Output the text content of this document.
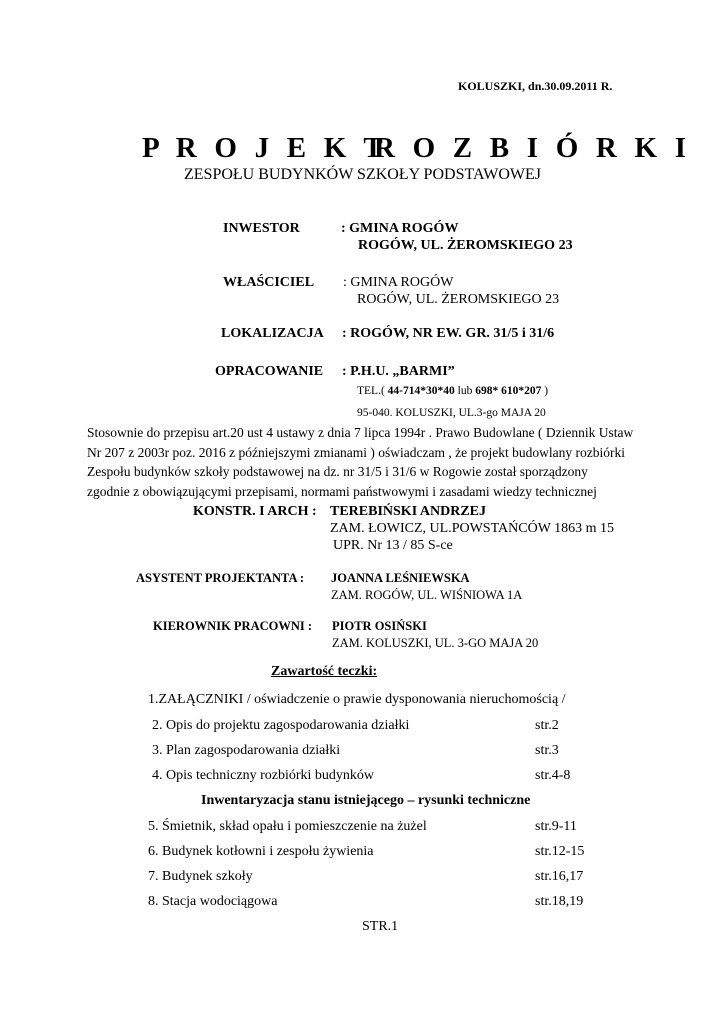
KOLUSZKI, dn.30.09.2011 R.
P R O J E K T
R O Z B I Ó R K I
ZESPOŁU BUDYNKÓW SZKOŁY PODSTAWOWEJ
INWESTOR	: GMINA ROGÓW
ROGÓW, UL. ŻEROMSKIEGO 23
WŁAŚCICIEL : GMINA ROGÓW
ROGÓW, UL. ŻEROMSKIEGO 23
LOKALIZACJA : ROGÓW, NR EW. GR. 31/5 i 31/6
OPRACOWANIE : P.H.U. „BARMI”
TEL.( 44-714*30*40 lub 698* 610*207 )
95-040. KOLUSZKI, UL.3-go MAJA 20
Stosownie do przepisu art.20 ust 4 ustawy z dnia 7 lipca 1994r . Prawo Budowlane ( Dziennik Ustaw
Nr 207 z 2003r poz. 2016 z późniejszymi zmianami ) oświadczam , że projekt budowlany rozbiórki
Zespołu budynków szkoły podstawowej na dz. nr 31/5 i 31/6 w Rogowie został sporządzony
zgodnie z obowiązującymi przepisami, normami państwowymi i zasadami wiedzy technicznej
KONSTR. I ARCH : TEREBIŃSKI ANDRZEJ
ZAM. ŁOWICZ, UL.POWSTAŃCÓW 1863 m 15
UPR. Nr 13 / 85 S-ce
ASYSTENT PROJEKTANTA : JOANNA LEŚNIEWSKA
ZAM. ROGÓW, UL. WIŚNIOWA 1A
KIEROWNIK PRACOWNI : PIOTR OSIŃSKI
ZAM. KOLUSZKI, UL. 3-GO MAJA 20
Zawartość teczki:
1.ZAŁĄCZNIKI / oświadczenie o prawie dysponowania nieruchomością /
2. Opis do projektu zagospodarowania działki	str.2
3. Plan zagospodarowania działki	str.3
4. Opis techniczny rozbiórki budynków	str.4-8
Inwentaryzacja stanu istniejącego – rysunki techniczne
5. Śmietnik, skład opału i pomieszczenie na żużel	str.9-11
6. Budynek kotłowni i zespołu żywienia	str.12-15
7. Budynek szkoły	str.16,17
8. Stacja wodociągowa	str.18,19
STR.1
